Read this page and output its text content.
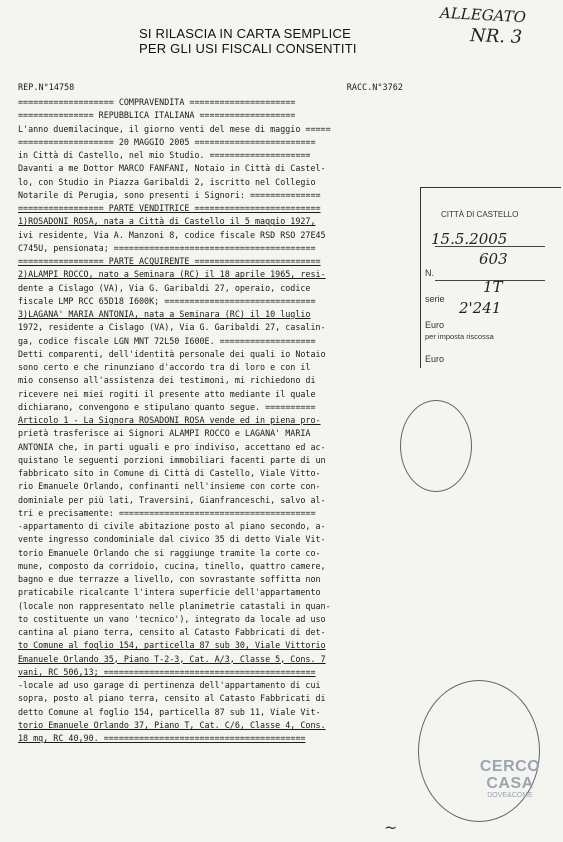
SI RILASCIA IN CARTA SEMPLICE
PER GLI USI FISCALI CONSENTITI
ALLEGATO
NR. 3
REP.N°14758	RACC.N°3762
=================== COMPRAVENDITA =====================
=============== REPUBBLICA ITALIANA ===================
L'anno duemilacinque, il giorno venti del mese di maggio =====
=================== 20 MAGGIO 2005 ========================
in Città di Castello, nel mio Studio. ====================
Davanti a me Dottor MARCO FANFANI, Notaio in Città di Castel-
lo, con Studio in Piazza Garibaldi 2, iscritto nel Collegio
Notarile di Perugia, sono presenti i Signori: ==============
================= PARTE VENDITRICE =========================
1)ROSADONI ROSA, nata a Città di Castello il 5 maggio 1927,
ivi residente, Via A. Manzoni 8, codice fiscale RSD RSO 27E45
C745U, pensionata; ========================================
================= PARTE ACQUIRENTE =========================
2)ALAMPI ROCCO, nato a Seminara (RC) il 18 aprile 1965, resi-
dente a Cislago (VA), Via G. Garibaldi 27, operaio, codice
fiscale LMP RCC 65D18 I600K; ==============================
3)LAGANA' MARIA ANTONIA, nata a Seminara (RC) il 10 luglio
1972, residente a Cislago (VA), Via G. Garibaldi 27, casalin-
ga, codice fiscale LGN MNT 72L50 I600E. ===================
Detti comparenti, dell'identità personale dei quali io Notaio
sono certo e che rinunziano d'accordo tra di loro e con il
mio consenso all'assistenza dei testimoni, mi richiedono di
ricevere nei miei rogiti il presente atto mediante il quale
dichiarano, convengono e stipulano quanto segue. ==========
Articolo 1 - La Signora ROSADONI ROSA vende ed in piena pro-
prietà trasferisce ai Signori ALAMPI ROCCO e LAGANA' MARIA
ANTONIA che, in parti uguali e pro indiviso, accettano ed ac-
quistano le seguenti porzioni immobiliari facenti parte di un
fabbricato sito in Comune di Città di Castello, Viale Vitto-
rio Emanuele Orlando, confinanti nell'insieme con corte con-
dominiale per più lati, Traversini, Gianfranceschi, salvo al-
tri e precisamente: =======================================
-appartamento di civile abitazione posto al piano secondo, a-
vente ingresso condominiale dal civico 35 di detto Viale Vit-
torio Emanuele Orlando che si raggiunge tramite la corte co-
mune, composto da corridoio, cucina, tinello, quattro camere,
bagno e due terrazze a livello, con sovrastante soffitta non
praticabile ricalcante l'intera superficie dell'appartamento
(locale non rappresentato nelle planimetrie catastali in quan-
to costituente un vano 'tecnico'), integrato da locale ad uso
cantina al piano terra, censito al Catasto Fabbricati di det-
to Comune al foglio 154, particella 87 sub 30, Viale Vittorio
Emanuele Orlando 35, Piano T-2-3, Cat. A/3, Classe 5, Cons. 7
vani, RC 506,13; ==========================================
-locale ad uso garage di pertinenza dell'appartamento di cui
sopra, posto al piano terra, censito al Catasto Fabbricati di
detto Comune al foglio 154, particella 87 sub 11, Viale Vit-
torio Emanuele Orlando 37, Piano T, Cat. C/6, Classe 4, Cons.
18 mq, RC 40,90. ========================================
CITTÀ DI CASTELLO
15.5.2005
N.
603
serie
1T
2'241
Euro
per imposta riscossa
Euro
CERCO CASA
DOVE&COME
~
